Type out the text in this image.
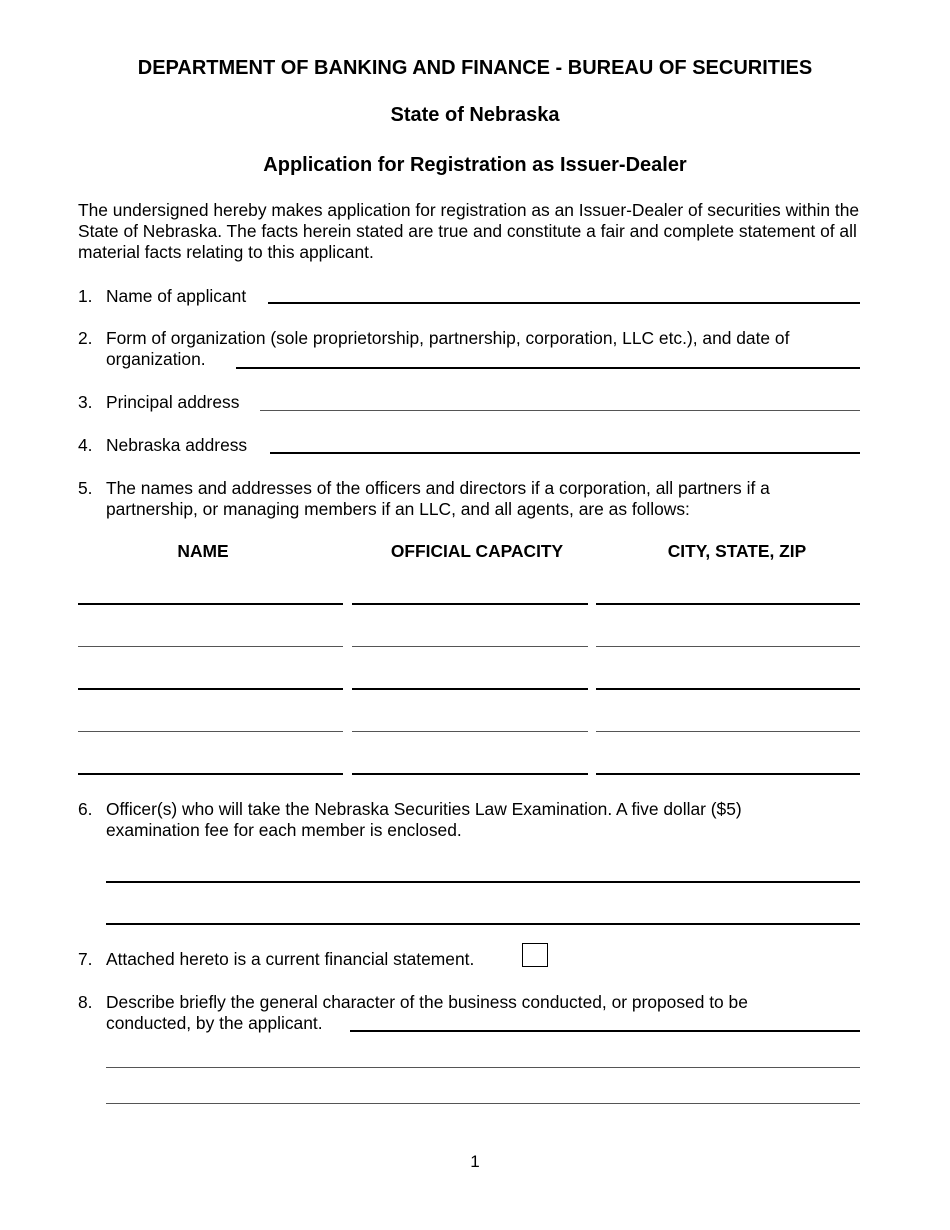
DEPARTMENT OF BANKING AND FINANCE - BUREAU OF SECURITIES
State of Nebraska
Application for Registration as Issuer-Dealer
The undersigned hereby makes application for registration as an Issuer-Dealer of securities within the State of Nebraska. The facts herein stated are true and constitute a fair and complete statement of all material facts relating to this applicant.
1. Name of applicant
2. Form of organization (sole proprietorship, partnership, corporation, LLC etc.), and date of
organization.
3. Principal address
4. Nebraska address
5. The names and addresses of the officers and directors if a corporation, all partners if a
partnership, or managing members if an LLC, and all agents, are as follows:
NAME	OFFICIAL CAPACITY	CITY, STATE, ZIP
6. Officer(s) who will take the Nebraska Securities Law Examination. A five dollar ($5)
examination fee for each member is enclosed.
7. Attached hereto is a current financial statement.
8. Describe briefly the general character of the business conducted, or proposed to be
conducted, by the applicant.
1
